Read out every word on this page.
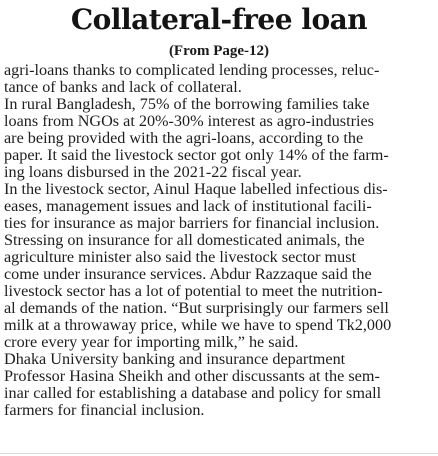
Collateral-free loan
(From Page-12)

agri-loans thanks to complicated lending processes, reluc-
tance of banks and lack of collateral.

In rural Bangladesh, 75% of the borrowing families take
loans from NGOs at 20%-30% interest as agro-industries
are being provided with the agri-loans, according to the
paper. It said the livestock sector got only 14% of the farm-
ing loans disbursed in the 2021-22 fiscal year.

In the livestock sector, Ainul Haque labelled infectious dis-
eases, management issues and lack of institutional facili-
ties for insurance as major barriers for financial inclusion.
Stressing on insurance for all domesticated animals, the
agriculture minister also said the livestock sector must
come under insurance services. Abdur Razzaque said the
livestock sector has a lot of potential to meet the nutrition-
al demands of the nation. “But surprisingly our farmers sell
milk at a throwaway price, while we have to spend Tk2,000
crore every year for importing milk,” he said.

Dhaka University banking and insurance department
Professor Hasina Sheikh and other discussants at the sem-
inar called for establishing a database and policy for small
farmers for financial inclusion.
